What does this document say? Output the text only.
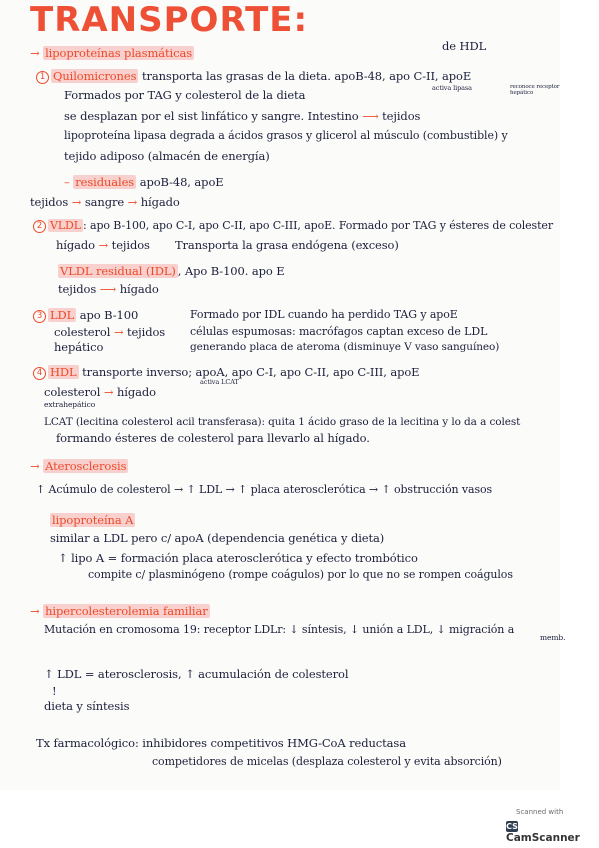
TRANSPORTE:
→ lipoproteínas plasmáticas	de HDL
1 Quilomicrones transporta las grasas de la dieta. apoB-48, apo C-II, apoE
activa lipasa	reconoce receptor hepático
Formados por TAG y colesterol de la dieta
se desplazan por el sist linfático y sangre. Intestino ⟶ tejidos
lipoproteína lipasa degrada a ácidos grasos y glicerol al músculo (combustible) y
tejido adiposo (almacén de energía)
– residuales apoB-48, apoE
tejidos → sangre → hígado
2 VLDL : apo B-100, apo C-I, apo C-II, apo C-III, apoE. Formado por TAG y ésteres de colester
hígado → tejidos Transporta la grasa endógena (exceso)
VLDL residual (IDL) , Apo B-100. apo E
tejidos ⟶ hígado
3 LDL apo B-100	Formado por IDL cuando ha perdido TAG y apoE
colesterol → tejidos
hepático
células espumosas: macrófagos captan exceso de LDL
generando placa de ateroma (disminuye V vaso sanguíneo)
4 HDL transporte inverso; apoA, apo C-I, apo C-II, apo C-III, apoE
activa LCAT
colesterol → hígado
extrahepático
LCAT (lecitina colesterol acil transferasa): quita 1 ácido graso de la lecitina y lo da a colest
formando ésteres de colesterol para llevarlo al hígado.
→ Aterosclerosis
↑ Acúmulo de colesterol → ↑ LDL → ↑ placa aterosclerótica → ↑ obstrucción vasos
lipoproteína A
similar a LDL pero c/ apoA (dependencia genética y dieta)
↑ lipo A = formación placa aterosclerótica y efecto trombótico
compite c/ plasminógeno (rompe coágulos) por lo que no se rompen coágulos
→ hipercolesterolemia familiar
Mutación en cromosoma 19: receptor LDLr: ↓ síntesis, ↓ unión a LDL, ↓ migración a
memb.
↑ LDL = aterosclerosis, ↑ acumulación de colesterol
!
dieta y síntesis
Tx farmacológico: inhibidores competitivos HMG-CoA reductasa
competidores de micelas (desplaza colesterol y evita absorción)
Scanned with
CSCamScanner
